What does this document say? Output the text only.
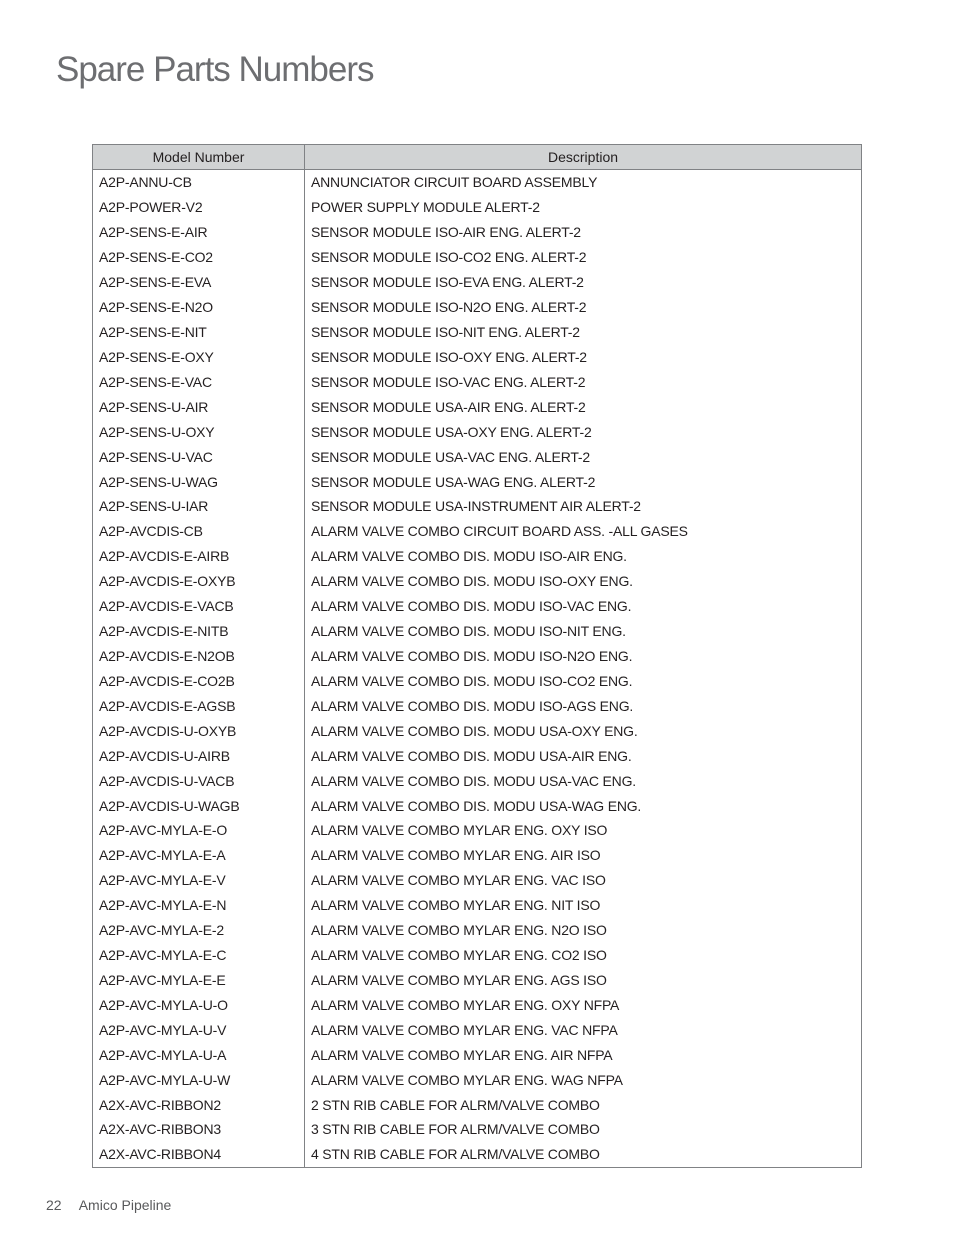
Spare Parts Numbers
Model Number	Description
A2P-ANNU-CB	ANNUNCIATOR CIRCUIT BOARD ASSEMBLY
A2P-POWER-V2	POWER SUPPLY MODULE ALERT-2
A2P-SENS-E-AIR	SENSOR MODULE ISO-AIR ENG. ALERT-2
A2P-SENS-E-CO2	SENSOR MODULE ISO-CO2 ENG. ALERT-2
A2P-SENS-E-EVA	SENSOR MODULE ISO-EVA ENG. ALERT-2
A2P-SENS-E-N2O	SENSOR MODULE ISO-N2O ENG. ALERT-2
A2P-SENS-E-NIT	SENSOR MODULE ISO-NIT ENG. ALERT-2
A2P-SENS-E-OXY	SENSOR MODULE ISO-OXY ENG. ALERT-2
A2P-SENS-E-VAC	SENSOR MODULE ISO-VAC ENG. ALERT-2
A2P-SENS-U-AIR	SENSOR MODULE USA-AIR ENG. ALERT-2
A2P-SENS-U-OXY	SENSOR MODULE USA-OXY ENG. ALERT-2
A2P-SENS-U-VAC	SENSOR MODULE USA-VAC ENG. ALERT-2
A2P-SENS-U-WAG	SENSOR MODULE USA-WAG ENG. ALERT-2
A2P-SENS-U-IAR	SENSOR MODULE USA-INSTRUMENT AIR ALERT-2
A2P-AVCDIS-CB	ALARM VALVE COMBO CIRCUIT BOARD ASS. -ALL GASES
A2P-AVCDIS-E-AIRB	ALARM VALVE COMBO DIS. MODU ISO-AIR ENG.
A2P-AVCDIS-E-OXYB	ALARM VALVE COMBO DIS. MODU ISO-OXY ENG.
A2P-AVCDIS-E-VACB	ALARM VALVE COMBO DIS. MODU ISO-VAC ENG.
A2P-AVCDIS-E-NITB	ALARM VALVE COMBO DIS. MODU ISO-NIT ENG.
A2P-AVCDIS-E-N2OB	ALARM VALVE COMBO DIS. MODU ISO-N2O ENG.
A2P-AVCDIS-E-CO2B	ALARM VALVE COMBO DIS. MODU ISO-CO2 ENG.
A2P-AVCDIS-E-AGSB	ALARM VALVE COMBO DIS. MODU ISO-AGS ENG.
A2P-AVCDIS-U-OXYB	ALARM VALVE COMBO DIS. MODU USA-OXY ENG.
A2P-AVCDIS-U-AIRB	ALARM VALVE COMBO DIS. MODU USA-AIR ENG.
A2P-AVCDIS-U-VACB	ALARM VALVE COMBO DIS. MODU USA-VAC ENG.
A2P-AVCDIS-U-WAGB	ALARM VALVE COMBO DIS. MODU USA-WAG ENG.
A2P-AVC-MYLA-E-O	ALARM VALVE COMBO MYLAR ENG. OXY ISO
A2P-AVC-MYLA-E-A	ALARM VALVE COMBO MYLAR ENG. AIR ISO
A2P-AVC-MYLA-E-V	ALARM VALVE COMBO MYLAR ENG. VAC ISO
A2P-AVC-MYLA-E-N	ALARM VALVE COMBO MYLAR ENG. NIT ISO
A2P-AVC-MYLA-E-2	ALARM VALVE COMBO MYLAR ENG. N2O ISO
A2P-AVC-MYLA-E-C	ALARM VALVE COMBO MYLAR ENG. CO2 ISO
A2P-AVC-MYLA-E-E	ALARM VALVE COMBO MYLAR ENG. AGS ISO
A2P-AVC-MYLA-U-O	ALARM VALVE COMBO MYLAR ENG. OXY NFPA
A2P-AVC-MYLA-U-V	ALARM VALVE COMBO MYLAR ENG. VAC NFPA
A2P-AVC-MYLA-U-A	ALARM VALVE COMBO MYLAR ENG. AIR NFPA
A2P-AVC-MYLA-U-W	ALARM VALVE COMBO MYLAR ENG. WAG NFPA
A2X-AVC-RIBBON2	2 STN RIB CABLE FOR ALRM/VALVE COMBO
A2X-AVC-RIBBON3	3 STN RIB CABLE FOR ALRM/VALVE COMBO
A2X-AVC-RIBBON4	4 STN RIB CABLE FOR ALRM/VALVE COMBO
22 Amico Pipeline
